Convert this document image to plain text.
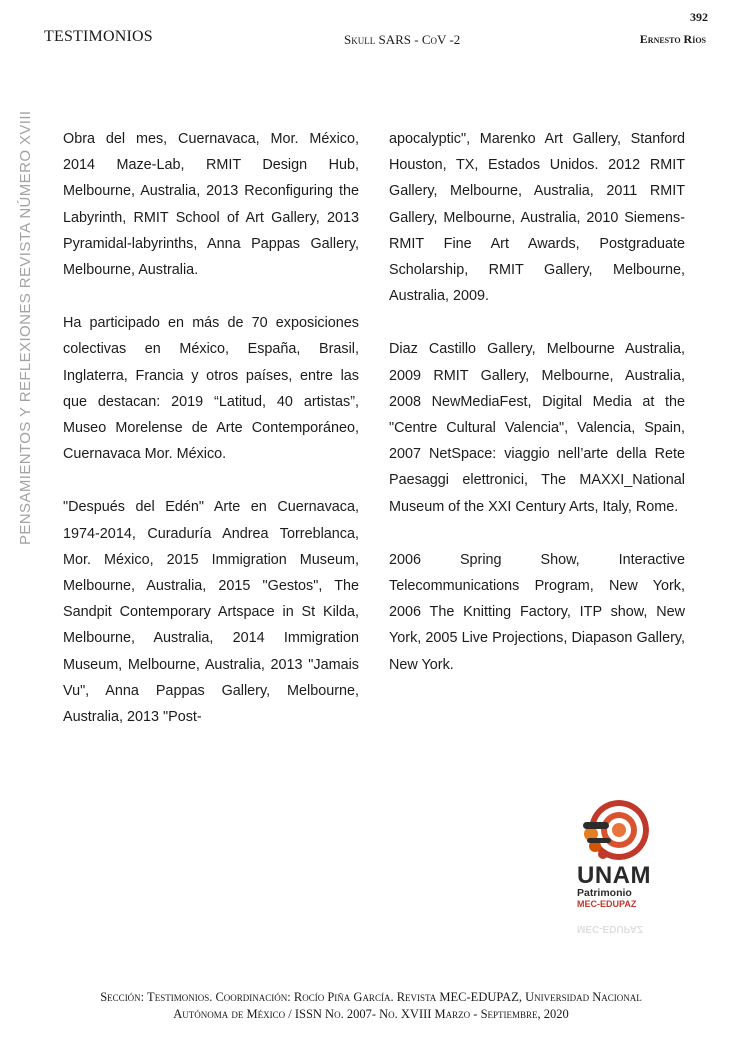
392
TESTIMONIOS	Skull SARS - CoV -2	Ernesto Ríos
PENSAMIENTOS Y REFLEXIONES REVISTA NÚMERO XVIII Obra del mes, Cuernavaca, Mor. México, 2014 Maze-Lab, RMIT Design Hub, Melbourne, Australia, 2013 Reconfiguring the Labyrinth, RMIT School of Art Gallery, 2013 Pyramidal-labyrinths, Anna Pappas Gallery, Melbourne, Australia.

Ha participado en más de 70 exposiciones colectivas en México, España, Brasil, Inglaterra, Francia y otros países, entre las que destacan: 2019 “Latitud, 40 artistas”, Museo Morelense de Arte Contemporáneo, Cuernavaca Mor. México.

"Después del Edén" Arte en Cuernavaca, 1974-2014, Curaduría Andrea Torreblanca, Mor. México, 2015 Immigration Museum, Melbourne, Australia, 2015 "Gestos", The Sandpit Contemporary Artspace in St Kilda, Melbourne, Australia, 2014 Immigration Museum, Melbourne, Australia, 2013 "Jamais Vu", Anna Pappas Gallery, Melbourne, Australia, 2013 "Post-

apocalyptic", Marenko Art Gallery, Stanford Houston, TX, Estados Unidos. 2012 RMIT Gallery, Melbourne, Australia, 2011 RMIT Gallery, Melbourne, Australia, 2010 Siemens-RMIT Fine Art Awards, Postgraduate Scholarship, RMIT Gallery, Melbourne, Australia, 2009.

Diaz Castillo Gallery, Melbourne Australia, 2009 RMIT Gallery, Melbourne, Australia, 2008 NewMediaFest, Digital Media at the "Centre Cultural Valencia", Valencia, Spain, 2007 NetSpace: viaggio nell’arte della Rete Paesaggi elettronici, The MAXXI_National Museum of the XXI Century Arts, Italy, Rome.

2006 Spring Show, Interactive Telecommunications Program, New York, 2006 The Knitting Factory, ITP show, New York, 2005 Live Projections, Diapason Gallery, New York.

UNAM
Patrimonio
MEC-EDUPAZ
MEC-EDUPAZ
Sección: Testimonios. Coordinación: Rocío Piña García. Revista MEC-EDUPAZ, Universidad Nacional
Autónoma de México / ISSN No. 2007- No. XVIII Marzo - Septiembre, 2020
